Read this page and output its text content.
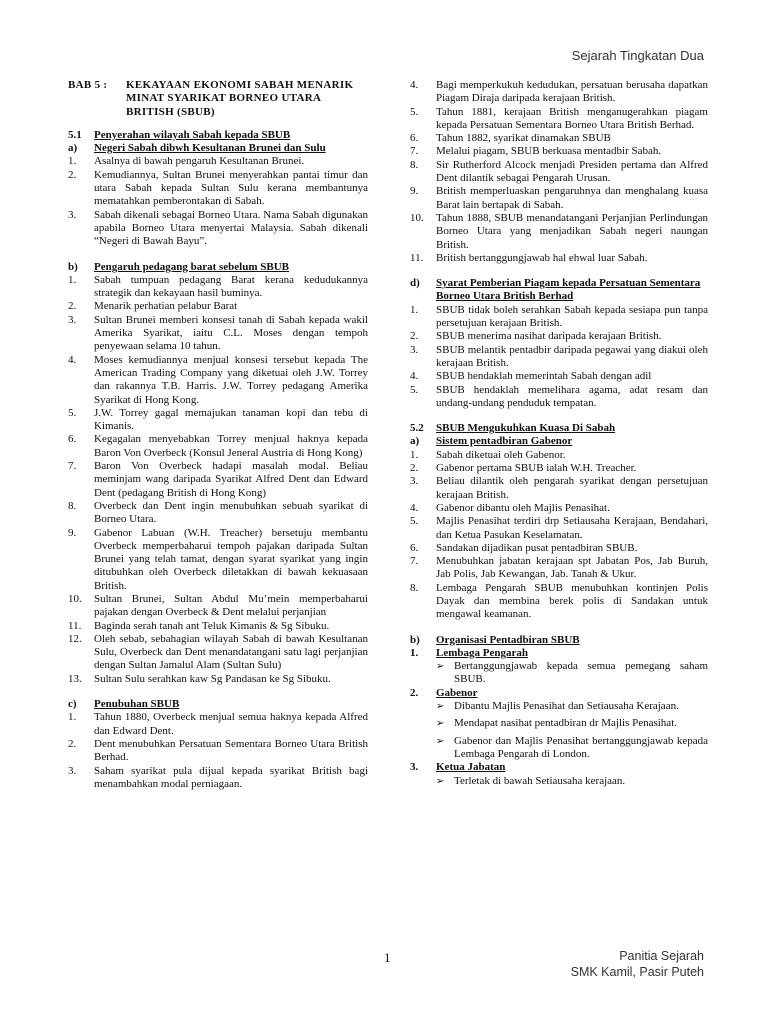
Sejarah Tingkatan Dua
BAB 5 :	KEKAYAAN EKONOMI SABAH MENARIK MINAT SYARIKAT BORNEO UTARA BRITISH (SBUB)
5.1	Penyerahan wilayah Sabah kepada SBUB
a)	Negeri Sabah dibwh Kesultanan Brunei dan Sulu
1.	Asalnya di bawah pengaruh Kesultanan Brunei.
2.	Kemudiannya, Sultan Brunei menyerahkan pantai timur dan utara Sabah kepada Sultan Sulu kerana membantunya mematahkan pemberontakan di Sabah.
3.	Sabah dikenali sebagai Borneo Utara. Nama Sabah digunakan apabila Borneo Utara menyertai Malaysia. Sabah dikenali “Negeri di Bawah Bayu”.
b)	Pengaruh pedagang barat sebelum SBUB
1.	Sabah tumpuan pedagang Barat kerana kedudukannya strategik dan kekayaan hasil buminya.
2.	Menarik perhatian pelabur Barat
3.	Sultan Brunei memberi konsesi tanah di Sabah kepada wakil Amerika Syarikat, iaitu C.L. Moses dengan tempoh penyewaan selama 10 tahun.
4.	Moses kemudiannya menjual konsesi tersebut kepada The American Trading Company yang diketuai oleh J.W. Torrey dan rakannya T.B. Harris. J.W. Torrey pedagang Amerika Syarikat di Hong Kong.
5.	J.W. Torrey gagal memajukan tanaman kopi dan tebu di Kimanis.
6.	Kegagalan menyebabkan Torrey menjual haknya kepada Baron Von Overbeck (Konsul Jeneral Austria di Hong Kong)
7.	Baron Von Overbeck hadapi masalah modal. Beliau meminjam wang daripada Syarikat Alfred Dent dan Edward Dent (pedagang British di Hong Kong)
8.	Overbeck dan Dent ingin menubuhkan sebuah syarikat di Borneo Utara.
9.	Gabenor Labuan (W.H. Treacher) bersetuju membantu Overbeck memperbaharui tempoh pajakan daripada Sultan Brunei yang telah tamat, dengan syarat syarikat yang ingin ditubuhkan oleh Overbeck diletakkan di bawah kekuasaan British.
10.	Sultan Brunei, Sultan Abdul Mu’mein memperbaharui pajakan dengan Overbeck & Dent melalui perjanjian
11.	Baginda serah tanah ant Teluk Kimanis & Sg Sibuku.
12.	Oleh sebab, sebahagian wilayah Sabah di bawah Kesultanan Sulu, Overbeck dan Dent menandatangani satu lagi perjanjian dengan Sultan Jamalul Alam (Sultan Sulu)
13.	Sultan Sulu serahkan kaw Sg Pandasan ke Sg Sibuku.
c)	Penubuhan SBUB
1.	Tahun 1880, Overbeck menjual semua haknya kepada Alfred dan Edward Dent.
2.	Dent menubuhkan Persatuan Sementara Borneo Utara British Berhad.
3.	Saham syarikat pula dijual kepada syarikat British bagi menambahkan modal perniagaan.
4.	Bagi memperkukuh kedudukan, persatuan berusaha dapatkan Piagam Diraja daripada kerajaan British.
5.	Tahun 1881, kerajaan British menganugerahkan piagam kepada Persatuan Sementara Borneo Utara British Berhad.
6.	Tahun 1882, syarikat dinamakan SBUB
7.	Melalui piagam, SBUB berkuasa mentadbir Sabah.
8.	Sir Rutherford Alcock menjadi Presiden pertama dan Alfred Dent dilantik sebagai Pengarah Urusan.
9.	British memperluaskan pengaruhnya dan menghalang kuasa Barat lain bertapak di Sabah.
10.	Tahun 1888, SBUB menandatangani Perjanjian Perlindungan Borneo Utara yang menjadikan Sabah negeri naungan British.
11.	British bertanggungjawab hal ehwal luar Sabah.
d)	Syarat Pemberian Piagam kepada Persatuan Sementara Borneo Utara British Berhad
1.	SBUB tidak boleh serahkan Sabah kepada sesiapa pun tanpa persetujuan kerajaan British.
2.	SBUB menerima nasihat daripada kerajaan British.
3.	SBUB melantik pentadbir daripada pegawai yang diakui oleh kerajaan British.
4.	SBUB hendaklah memerintah Sabah dengan adil
5.	SBUB hendaklah memelihara agama, adat resam dan undang-undang penduduk tempatan.
5.2	SBUB Mengukuhkan Kuasa Di Sabah
a)	Sistem pentadbiran Gabenor
1.	Sabah diketuai oleh Gabenor.
2.	Gabenor pertama SBUB ialah W.H. Treacher.
3.	Beliau dilantik oleh pengarah syarikat dengan persetujuan kerajaan British.
4.	Gabenor dibantu oleh Majlis Penasihat.
5.	Majlis Penasihat terdiri drp Setiausaha Kerajaan, Bendahari, dan Ketua Pasukan Keselamatan.
6.	Sandakan dijadikan pusat pentadbiran SBUB.
7.	Menubuhkan jabatan kerajaan spt Jabatan Pos, Jab Buruh, Jab Polis, Jab Kewangan, Jab. Tanah & Ukur.
8.	Lembaga Pengarah SBUB menubuhkan kontinjen Polis Dayak dan membina berek polis di Sandakan untuk mengawal keamanan.
b)	Organisasi Pentadbiran SBUB
1.	Lembaga Pengarah
➢ Bertanggungjawab kepada semua pemegang saham SBUB.
2.	Gabenor
➢ Dibantu Majlis Penasihat dan Setiausaha Kerajaan.
➢ Mendapat nasihat pentadbiran dr Majlis Penasihat.
➢ Gabenor dan Majlis Penasihat bertanggungjawab kepada Lembaga Pengarah di London.
3.	Ketua Jabatan
➢ Terletak di bawah Setiausaha kerajaan.
1	Panitia Sejarah
SMK Kamil, Pasir Puteh
